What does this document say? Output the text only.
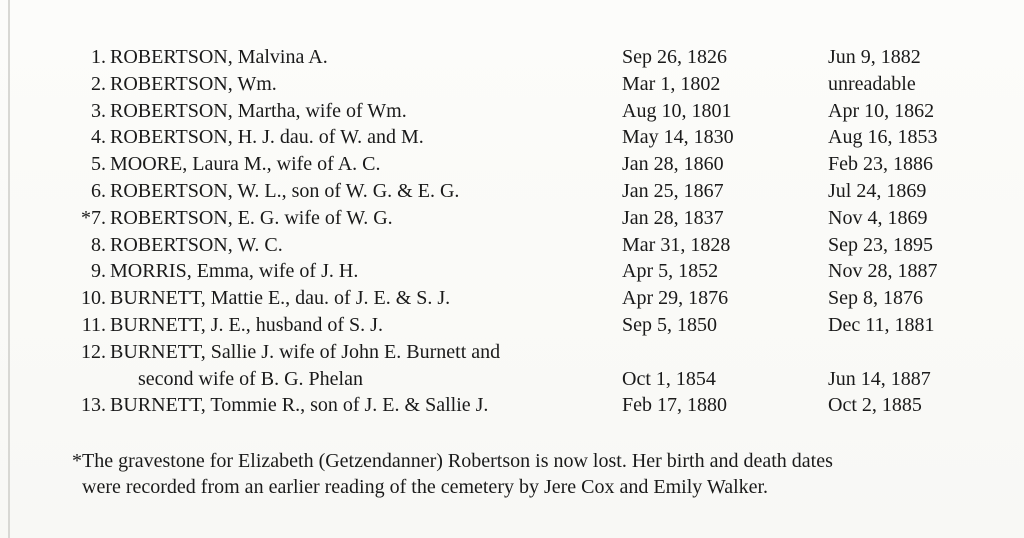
1. ROBERTSON, Malvina A.	Sep 26, 1826	Jun 9, 1882
2. ROBERTSON, Wm.	Mar 1, 1802	unreadable
3. ROBERTSON, Martha, wife of Wm.	Aug 10, 1801	Apr 10, 1862
4. ROBERTSON, H. J. dau. of W. and M.	May 14, 1830	Aug 16, 1853
5. MOORE, Laura M., wife of A. C.	Jan 28, 1860	Feb 23, 1886
6. ROBERTSON, W. L., son of W. G. & E. G.	Jan 25, 1867	Jul 24, 1869
*7. ROBERTSON, E. G. wife of W. G.	Jan 28, 1837	Nov 4, 1869
8. ROBERTSON, W. C.	Mar 31, 1828	Sep 23, 1895
9. MORRIS, Emma, wife of J. H.	Apr 5, 1852	Nov 28, 1887
10. BURNETT, Mattie E., dau. of J. E. & S. J.	Apr 29, 1876	Sep 8, 1876
11. BURNETT, J. E., husband of S. J.	Sep 5, 1850	Dec 11, 1881
12. BURNETT, Sallie J. wife of John E. Burnett and
second wife of B. G. Phelan	Oct 1, 1854	Jun 14, 1887
13. BURNETT, Tommie R., son of J. E. & Sallie J.	Feb 17, 1880	Oct 2, 1885
*The gravestone for Elizabeth (Getzendanner) Robertson is now lost. Her birth and death dates
were recorded from an earlier reading of the cemetery by Jere Cox and Emily Walker.
